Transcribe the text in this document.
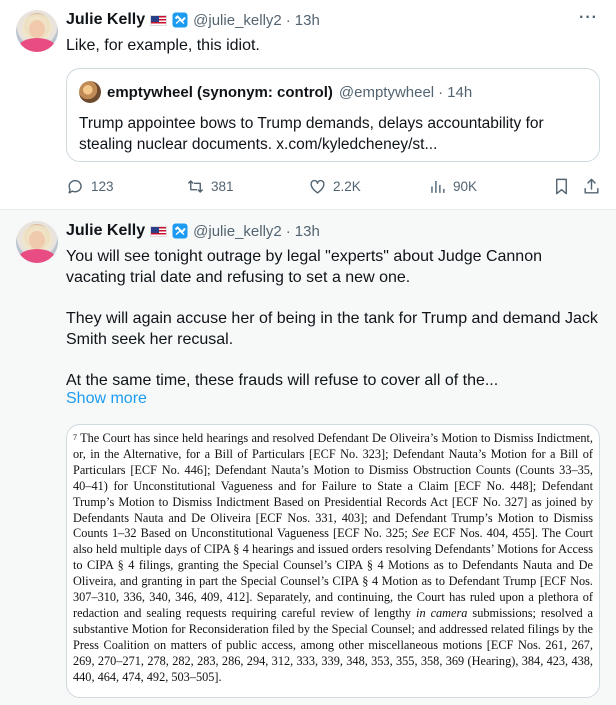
Julie Kelly	@julie_kelly2 · 13h	···
Like, for example, this idiot.
emptywheel (synonym: control) @emptywheel · 14h
Trump appointee bows to Trump demands, delays accountability for stealing nuclear documents. x.com/kyledcheney/st...
123	381	2.2K	90K
Julie Kelly	@julie_kelly2 · 13h
You will see tonight outrage by legal "experts" about Judge Cannon vacating trial date and refusing to set a new one.
They will again accuse her of being in the tank for Trump and demand Jack Smith seek her recusal.
At the same time, these frauds will refuse to cover all of the...
Show more
$^7$ The Court has since held hearings and resolved Defendant De Oliveira’s Motion to Dismiss Indictment, or, in the Alternative, for a Bill of Particulars [ECF No. 323]; Defendant Nauta’s Motion for a Bill of Particulars [ECF No. 446]; Defendant Nauta’s Motion to Dismiss Obstruction Counts (Counts 33–35, 40–41) for Unconstitutional Vagueness and for Failure to State a Claim [ECF No. 448]; Defendant Trump’s Motion to Dismiss Indictment Based on Presidential Records Act [ECF No. 327] as joined by Defendants Nauta and De Oliveira [ECF Nos. 331, 403]; and Defendant Trump’s Motion to Dismiss Counts 1–32 Based on Unconstitutional Vagueness [ECF No. 325; See ECF Nos. 404, 455]. The Court also held multiple days of CIPA § 4 hearings and issued orders resolving Defendants’ Motions for Access to CIPA § 4 filings, granting the Special Counsel’s CIPA § 4 Motions as to Defendants Nauta and De Oliveira, and granting in part the Special Counsel’s CIPA § 4 Motion as to Defendant Trump [ECF Nos. 307–310, 336, 340, 346, 409, 412]. Separately, and continuing, the Court has ruled upon a plethora of redaction and sealing requests requiring careful review of lengthy in camera submissions; resolved a substantive Motion for Reconsideration filed by the Special Counsel; and addressed related filings by the Press Coalition on matters of public access, among other miscellaneous motions [ECF Nos. 261, 267, 269, 270–271, 278, 282, 283, 286, 294, 312, 333, 339, 348, 353, 355, 358, 369 (Hearing), 384, 423, 438, 440, 464, 474, 492, 503–505].
